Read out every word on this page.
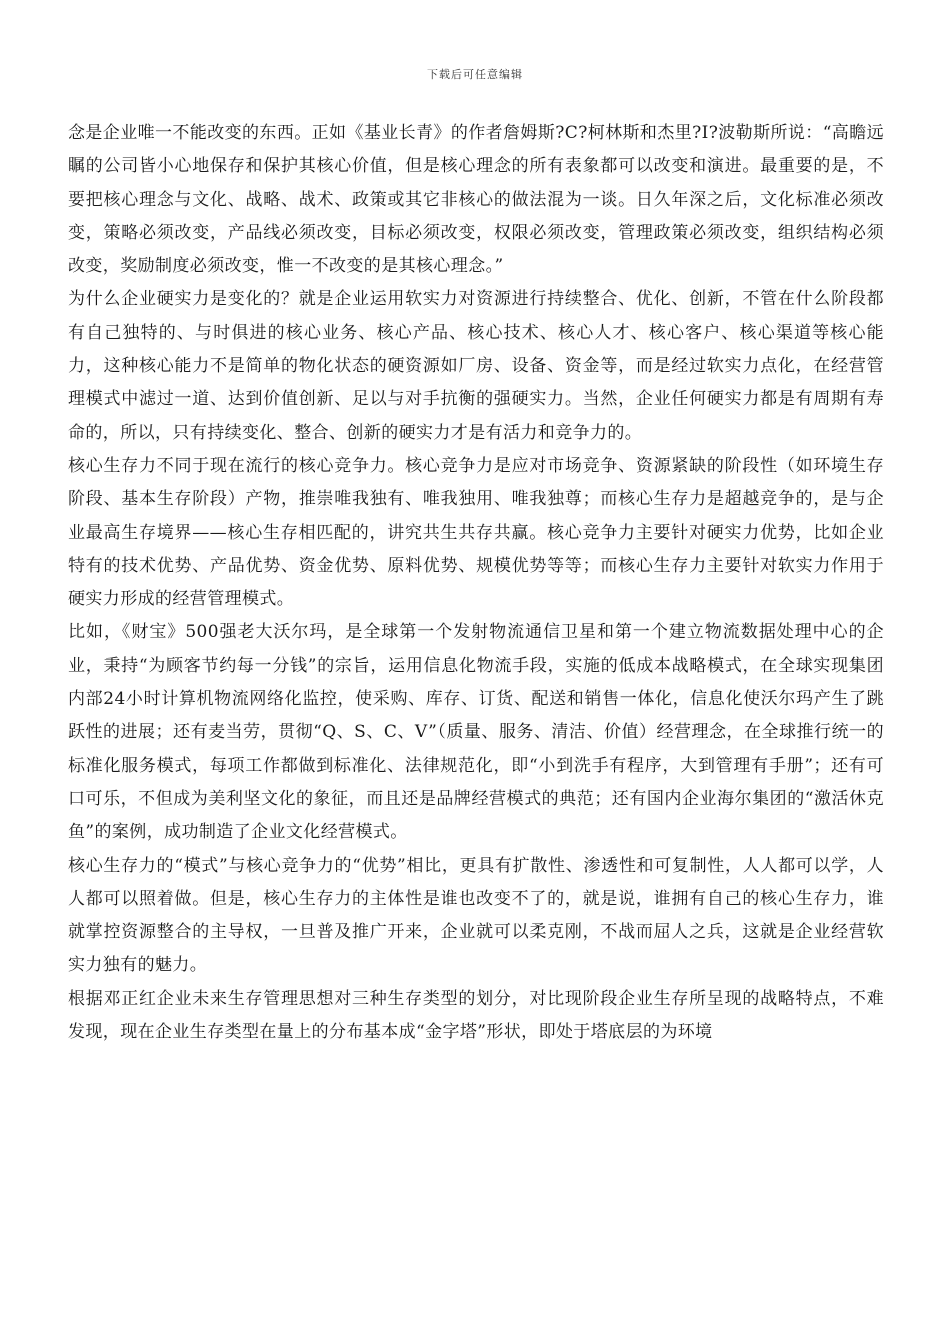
下载后可任意编辑

念是企业唯一不能改变的东西。正如《基业长青》的作者詹姆斯?C?柯林斯和杰里?I?波勒斯所说：“高瞻远瞩的公司皆小心地保存和保护其核心价值，但是核心理念的所有表象都可以改变和演进。最重要的是，不要把核心理念与文化、战略、战术、政策或其它非核心的做法混为一谈。日久年深之后，文化标准必须改变，策略必须改变，产品线必须改变，目标必须改变，权限必须改变，管理政策必须改变，组织结构必须改变，奖励制度必须改变，惟一不改变的是其核心理念。”

为什么企业硬实力是变化的？就是企业运用软实力对资源进行持续整合、优化、创新，不管在什么阶段都有自己独特的、与时俱进的核心业务、核心产品、核心技术、核心人才、核心客户、核心渠道等核心能力，这种核心能力不是简单的物化状态的硬资源如厂房、设备、资金等，而是经过软实力点化，在经营管理模式中滤过一道、达到价值创新、足以与对手抗衡的强硬实力。当然，企业任何硬实力都是有周期有寿命的，所以，只有持续变化、整合、创新的硬实力才是有活力和竞争力的。

核心生存力不同于现在流行的核心竞争力。核心竞争力是应对市场竞争、资源紧缺的阶段性（如环境生存阶段、基本生存阶段）产物，推崇唯我独有、唯我独用、唯我独尊；而核心生存力是超越竞争的，是与企业最高生存境界——核心生存相匹配的，讲究共生共存共赢。核心竞争力主要针对硬实力优势，比如企业特有的技术优势、产品优势、资金优势、原料优势、规模优势等等；而核心生存力主要针对软实力作用于硬实力形成的经营管理模式。

比如，《财宝》500强老大沃尔玛，是全球第一个发射物流通信卫星和第一个建立物流数据处理中心的企业，秉持“为顾客节约每一分钱”的宗旨，运用信息化物流手段，实施的低成本战略模式，在全球实现集团内部24小时计算机物流网络化监控，使采购、库存、订货、配送和销售一体化，信息化使沃尔玛产生了跳跃性的进展；还有麦当劳，贯彻“Q、S、C、V”（质量、服务、清洁、价值）经营理念，在全球推行统一的标准化服务模式，每项工作都做到标准化、法律规范化，即“小到洗手有程序，大到管理有手册”；还有可口可乐，不但成为美利坚文化的象征，而且还是品牌经营模式的典范；还有国内企业海尔集团的“激活休克鱼”的案例，成功制造了企业文化经营模式。

核心生存力的“模式”与核心竞争力的“优势”相比，更具有扩散性、渗透性和可复制性，人人都可以学，人人都可以照着做。但是，核心生存力的主体性是谁也改变不了的，就是说，谁拥有自己的核心生存力，谁就掌控资源整合的主导权，一旦普及推广开来，企业就可以柔克刚，不战而屈人之兵，这就是企业经营软实力独有的魅力。

根据邓正红企业未来生存管理思想对三种生存类型的划分，对比现阶段企业生存所呈现的战略特点，不难发现，现在企业生存类型在量上的分布基本成“金字塔”形状，即处于塔底层的为环境
